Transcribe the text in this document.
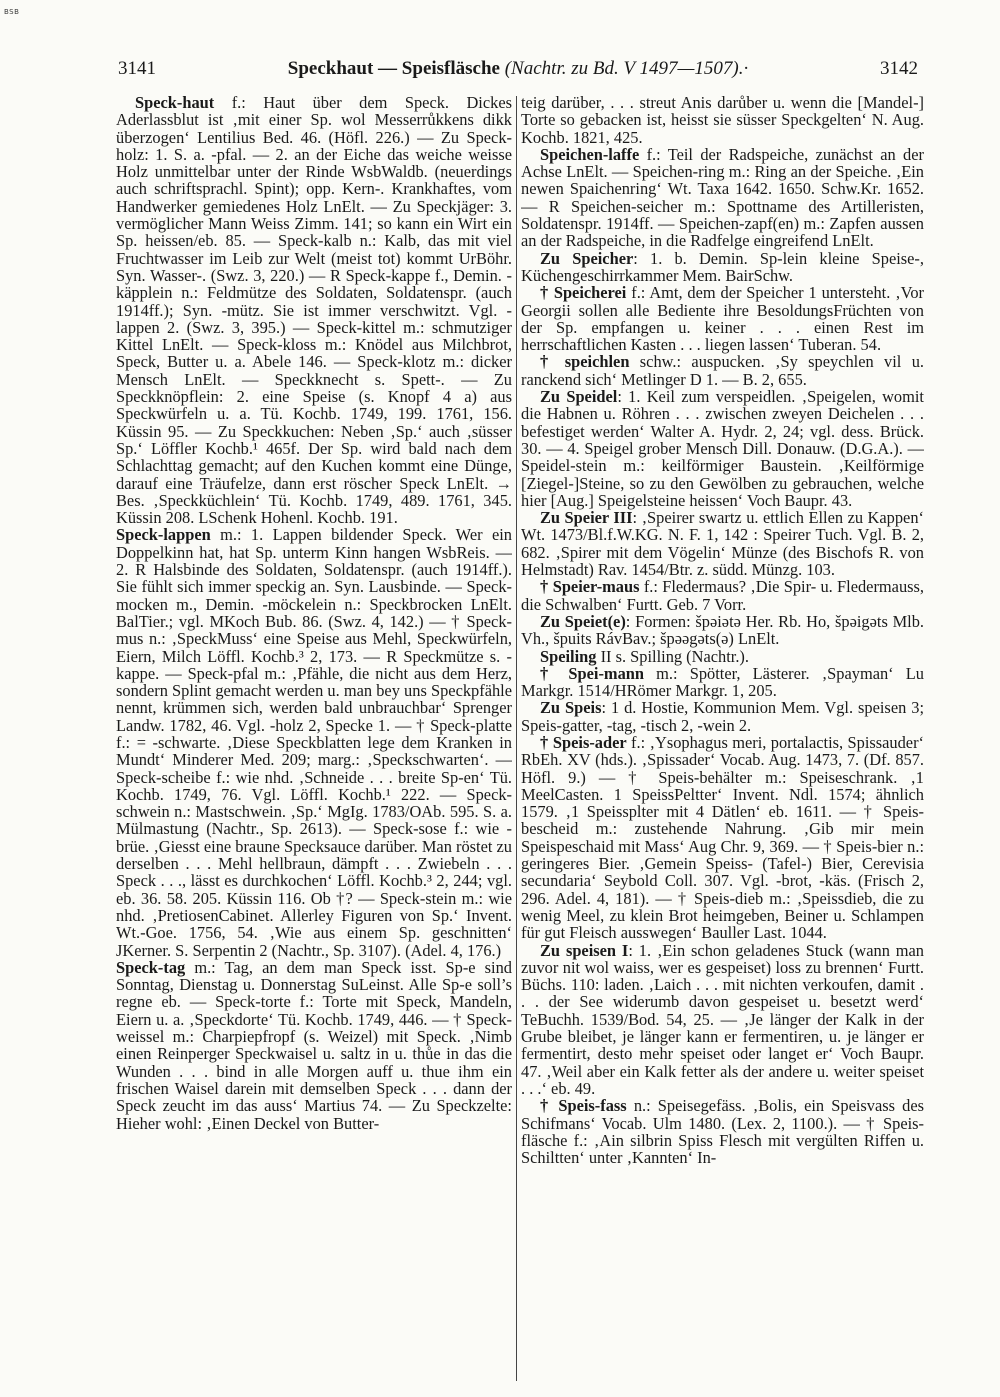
BSB
3141	Speckhaut — Speisfläsche (Nachtr. zu Bd. V 1497—1507).·	3142

Speck-haut f.: Haut über dem Speck. Dickes Aderlassblut ist ‚mit einer Sp. wol Messerrůkkens dikk überzogen‘ Lentilius Bed. 46. (Höfl. 226.) — Zu Speck-holz: 1. S. a. -pfal. — 2. an der Eiche das weiche weisse Holz unmittelbar unter der Rinde WsbWaldb. (neuerdings auch schriftsprachl. Spint); opp. Kern-. Krankhaftes, vom Handwerker gemiedenes Holz LnElt. — Zu Speckjäger: 3. vermöglicher Mann Weiss Zimm. 141; so kann ein Wirt ein Sp. heissen/eb. 85. — Speck-kalb n.: Kalb, das mit viel Fruchtwasser im Leib zur Welt (meist tot) kommt UrBöhr. Syn. Wasser-. (Swz. 3, 220.) — R Speck-kappe f., Demin. -käpplein n.: Feldmütze des Soldaten, Soldatenspr. (auch 1914ff.); Syn. -mütz. Sie ist immer verschwitzt. Vgl. -lappen 2. (Swz. 3, 395.) — Speck-kittel m.: schmutziger Kittel LnElt. — Speck-kloss m.: Knödel aus Milchbrot, Speck, Butter u. a. Abele 146. — Speck-klotz m.: dicker Mensch LnElt. — Speckknecht s. Spett-. — Zu Speckknöpflein: 2. eine Speise (s. Knopf 4 a) aus Speckwürfeln u. a. Tü. Kochb. 1749, 199. 1761, 156. Küssin 95. — Zu Speckkuchen: Neben ‚Sp.‘ auch ‚süsser Sp.‘ Löffler Kochb.¹ 465f. Der Sp. wird bald nach dem Schlachttag gemacht; auf den Kuchen kommt eine Dünge, darauf eine Träufelze, dann erst röscher Speck LnElt. → Bes. ‚Speckküchlein‘ Tü. Kochb. 1749, 489. 1761, 345. Küssin 208. LSchenk Hohenl. Kochb. 191.

Speck-lappen m.: 1. Lappen bildender Speck. Wer ein Doppelkinn hat, hat Sp. unterm Kinn hangen WsbReis. — 2. R Halsbinde des Soldaten, Soldatenspr. (auch 1914ff.). Sie fühlt sich immer speckig an. Syn. Lausbinde. — Speck-mocken m., Demin. -möckelein n.: Speckbrocken LnElt. BalTier.; vgl. MKoch Bub. 86. (Swz. 4, 142.) — † Speck-mus n.: ‚SpeckMuss‘ eine Speise aus Mehl, Speckwürfeln, Eiern, Milch Löffl. Kochb.³ 2, 173. — R Speckmütze s. -kappe. — Speck-pfal m.: ‚Pfähle, die nicht aus dem Herz, sondern Splint gemacht werden u. man bey uns Speckpfähle nennt, krümmen sich, werden bald unbrauchbar‘ Sprenger Landw. 1782, 46. Vgl. -holz 2, Specke 1. — † Speck-platte f.: = -schwarte. ‚Diese Speckblatten lege dem Kranken in Mundt‘ Minderer Med. 209; marg.: ‚Speckschwarten‘. — Speck-scheibe f.: wie nhd. ‚Schneide . . . breite Sp-en‘ Tü. Kochb. 1749, 76. Vgl. Löffl. Kochb.¹ 222. — Speck-schwein n.: Mastschwein. ‚Sp.‘ MgIg. 1783/OAb. 595. S. a. Mülmastung (Nachtr., Sp. 2613). — Speck-sose f.: wie -brüe. ‚Giesst eine braune Specksauce darüber. Man röstet zu derselben . . . Mehl hellbraun, dämpft . . . Zwiebeln . . . Speck . . ., lässt es durchkochen‘ Löffl. Kochb.³ 2, 244; vgl. eb. 36. 58. 205. Küssin 116. Ob †? — Speck-stein m.: wie nhd. ‚PretiosenCabinet. Allerley Figuren von Sp.‘ Invent. Wt.-Goe. 1756, 54. ‚Wie aus einem Sp. geschnitten‘ JKerner. S. Serpentin 2 (Nachtr., Sp. 3107). (Adel. 4, 176.)

Speck-tag m.: Tag, an dem man Speck isst. Sp-e sind Sonntag, Dienstag u. Donnerstag SuLeinst. Alle Sp-e soll’s regne eb. — Speck-torte f.: Torte mit Speck, Mandeln, Eiern u. a. ‚Speckdorte‘ Tü. Kochb. 1749, 446. — † Speck-weissel m.: Charpiepfropf (s. Weizel) mit Speck. ‚Nimb einen Reinperger Speckwaisel u. saltz in u. thůe in das die Wunden . . . bind in alle Morgen auff u. thue ihm ein frischen Waisel darein mit demselben Speck . . . dann der Speck zeucht im das auss‘ Martius 74. — Zu Speckzelte: Hieher wohl: ‚Einen Deckel von Butter-

teig darüber, . . . streut Anis darůber u. wenn die [Mandel-] Torte so gebacken ist, heisst sie süsser Speckgelten‘ N. Aug. Kochb. 1821, 425.

Speichen-laffe f.: Teil der Radspeiche, zunächst an der Achse LnElt. — Speichen-ring m.: Ring an der Speiche. ‚Ein newen Spaichenring‘ Wt. Taxa 1642. 1650. Schw.Kr. 1652. — R Speichen-seicher m.: Spottname des Artilleristen, Soldatenspr. 1914ff. — Speichen-zapf(en) m.: Zapfen aussen an der Radspeiche, in die Radfelge eingreifend LnElt.

Zu Speicher: 1. b. Demin. Sp-lein kleine Speise-, Küchengeschirrkammer Mem. BairSchw.

† Speicherei f.: Amt, dem der Speicher 1 untersteht. ‚Vor Georgii sollen alle Bediente ihre BesoldungsFrüchten von der Sp. empfangen u. keiner . . . einen Rest im herrschaftlichen Kasten . . . liegen lassen‘ Tuberan. 54.

† speichlen schw.: auspucken. ‚Sy speychlen vil u. ranckend sich‘ Metlinger D 1. — B. 2, 655.

Zu Speidel: 1. Keil zum verspeidlen. ‚Speigelen, womit die Habnen u. Röhren . . . zwischen zweyen Deichelen . . . befestiget werden‘ Walter A. Hydr. 2, 24; vgl. dess. Brück. 30. — 4. Speigel grober Mensch Dill. Donauw. (D.G.A.). — Speidel-stein m.: keilförmiger Baustein. ‚Keilförmige [Ziegel-]Steine, so zu den Gewölben zu gebrauchen, welche hier [Aug.] Speigelsteine heissen‘ Voch Baupr. 43.

Zu Speier III: ‚Speirer swartz u. ettlich Ellen zu Kappen‘ Wt. 1473/Bl.f.W.KG. N. F. 1, 142 : Speirer Tuch. Vgl. B. 2, 682. ‚Spirer mit dem Vögelin‘ Münze (des Bischofs R. von Helmstadt) Rav. 1454/Btr. z. südd. Münzg. 103.

† Speier-maus f.: Fledermaus? ‚Die Spir- u. Fledermauss, die Schwalben‘ Furtt. Geb. 7 Vorr.

Zu Speiet(e): Formen: špəiətə Her. Rb. Ho, špəigəts Mlb. Vh., špuits RávBav.; špəəgəts(ə) LnElt.

Speiling II s. Spilling (Nachtr.).

† Spei-mann m.: Spötter, Lästerer. ‚Spayman‘ Lu Markgr. 1514/HRömer Markgr. 1, 205.

Zu Speis: 1 d. Hostie, Kommunion Mem. Vgl. speisen 3; Speis-gatter, -tag, -tisch 2, -wein 2.

† Speis-ader f.: ‚Ysophagus meri, portalactis, Spissauder‘ RbEh. XV (hds.). ‚Spissader‘ Vocab. Aug. 1473, 7. (Df. 857. Höfl. 9.) — † Speis-behälter m.: Speiseschrank. ‚1 MeelCasten. 1 SpeissPeltter‘ Invent. Ndl. 1574; ähnlich 1579. ‚1 Speissplter mit 4 Dätlen‘ eb. 1611. — † Speis-bescheid m.: zustehende Nahrung. ‚Gib mir mein Speispeschaid mit Mass‘ Aug Chr. 9, 369. — † Speis-bier n.: geringeres Bier. ‚Gemein Speiss- (Tafel-) Bier, Cerevisia secundaria‘ Seybold Coll. 307. Vgl. -brot, -käs. (Frisch 2, 296. Adel. 4, 181). — † Speis-dieb m.: ‚Speissdieb, die zu wenig Meel, zu klein Brot heimgeben, Beiner u. Schlampen für gut Fleisch ausswegen‘ Bauller Last. 1044.

Zu speisen I: 1. ‚Ein schon geladenes Stuck (wann man zuvor nit wol waiss, wer es gespeiset) loss zu brennen‘ Furtt. Büchs. 110: laden. ‚Laich . . . mit nichten verkoufen, damit . . . der See widerumb davon gespeiset u. besetzt werd‘ TeBuchh. 1539/Bod. 54, 25. — ‚Je länger der Kalk in der Grube bleibet, je länger kann er fermentiren, u. je länger er fermentirt, desto mehr speiset oder langet er‘ Voch Baupr. 47. ‚Weil aber ein Kalk fetter als der andere u. weiter speiset . . .‘ eb. 49.

† Speis-fass n.: Speisegefäss. ‚Bolis, ein Speisvass des Schifmans‘ Vocab. Ulm 1480. (Lex. 2, 1100.). — † Speis-fläsche f.: ‚Ain silbrin Spiss Flesch mit vergülten Riffen u. Schiltten‘ unter ‚Kannten‘ In-
